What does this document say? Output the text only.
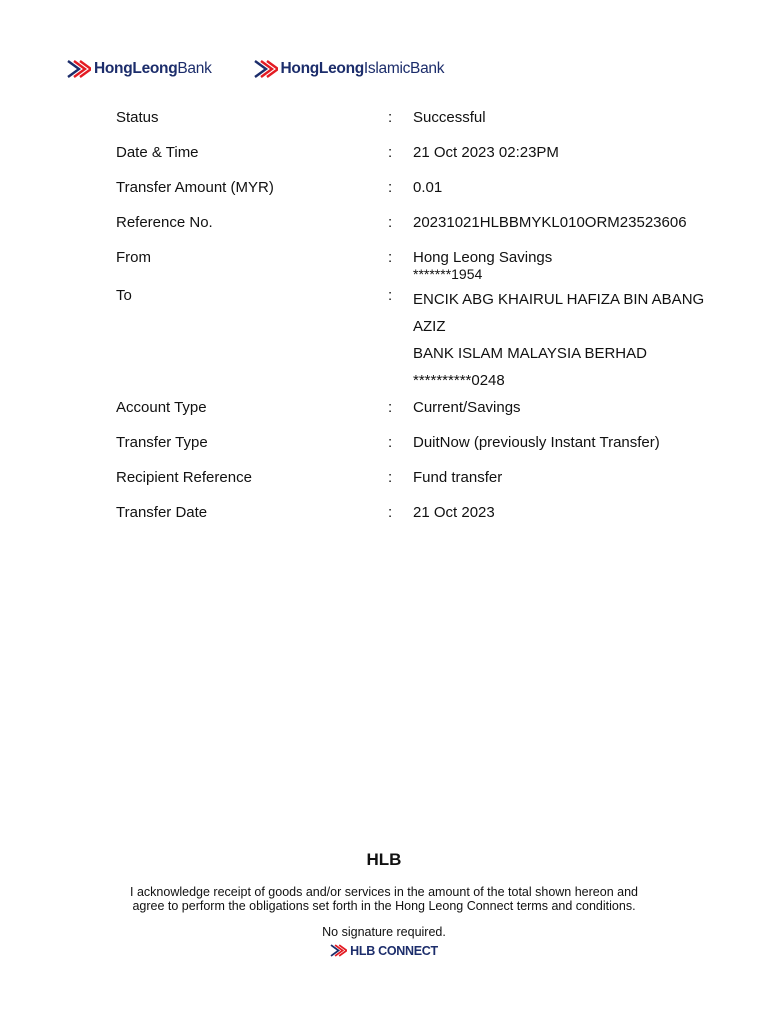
HongLeongBank	HongLeongIslamicBank
Status	:	Successful
Date & Time	:	21 Oct 2023 02:23PM
Transfer Amount (MYR)	:	0.01
Reference No.	:	20231021HLBBMYKL010ORM23523606
From	:	Hong Leong Savings
*******1954
To	:	ENCIK ABG KHAIRUL HAFIZA BIN ABANG
AZIZ
BANK ISLAM MALAYSIA BERHAD
**********0248
Account Type	:	Current/Savings
Transfer Type	:	DuitNow (previously Instant Transfer)
Recipient Reference	:	Fund transfer
Transfer Date	:	21 Oct 2023
HLB
I acknowledge receipt of goods and/or services in the amount of the total shown hereon and agree to perform the obligations set forth in the Hong Leong Connect terms and conditions.
No signature required.
HLB CONNECT
